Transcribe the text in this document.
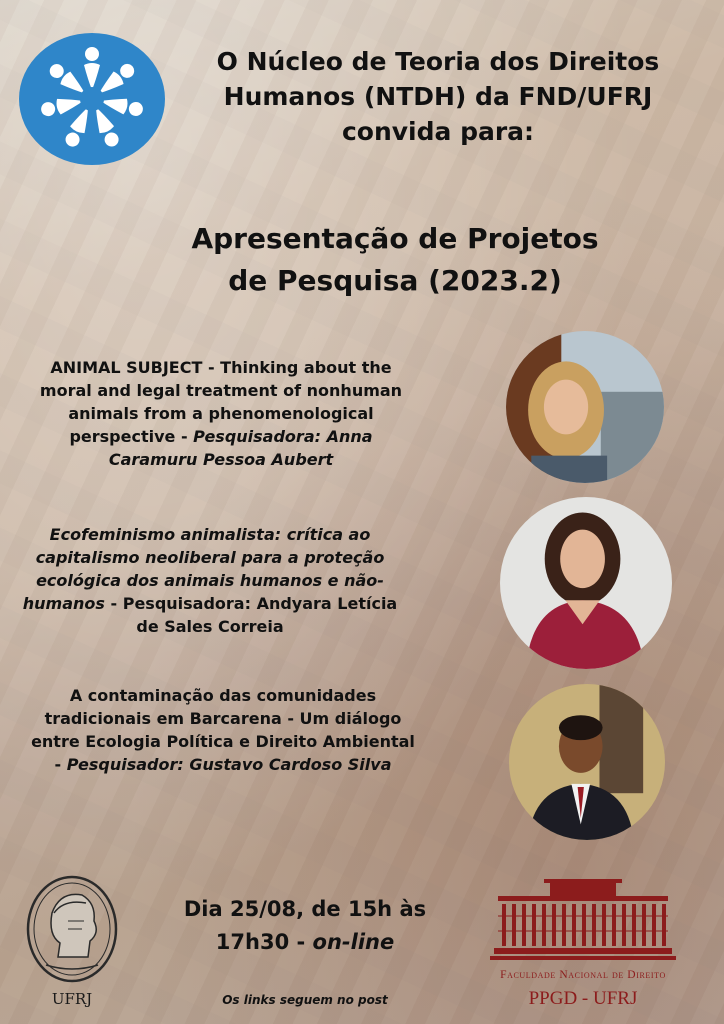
O Núcleo de Teoria dos Direitos
Humanos (NTDH) da FND/UFRJ
convida para:
Apresentação de Projetos
de Pesquisa (2023.2)
ANIMAL SUBJECT - Thinking about the moral and legal treatment of nonhuman animals from a phenomenological perspective - Pesquisadora: Anna Caramuru Pessoa Aubert
Ecofeminismo animalista: crítica ao capitalismo neoliberal para a proteção ecológica dos animais humanos e não-humanos - Pesquisadora: Andyara Letícia de Sales Correia
A contaminação das comunidades tradicionais em Barcarena - Um diálogo entre Ecologia Política e Direito Ambiental - Pesquisador: Gustavo Cardoso Silva
Dia 25/08, de 15h às 17h30 - on-line
Os links seguem no post
UFRJ
Faculdade Nacional de Direito
PPGD - UFRJ
